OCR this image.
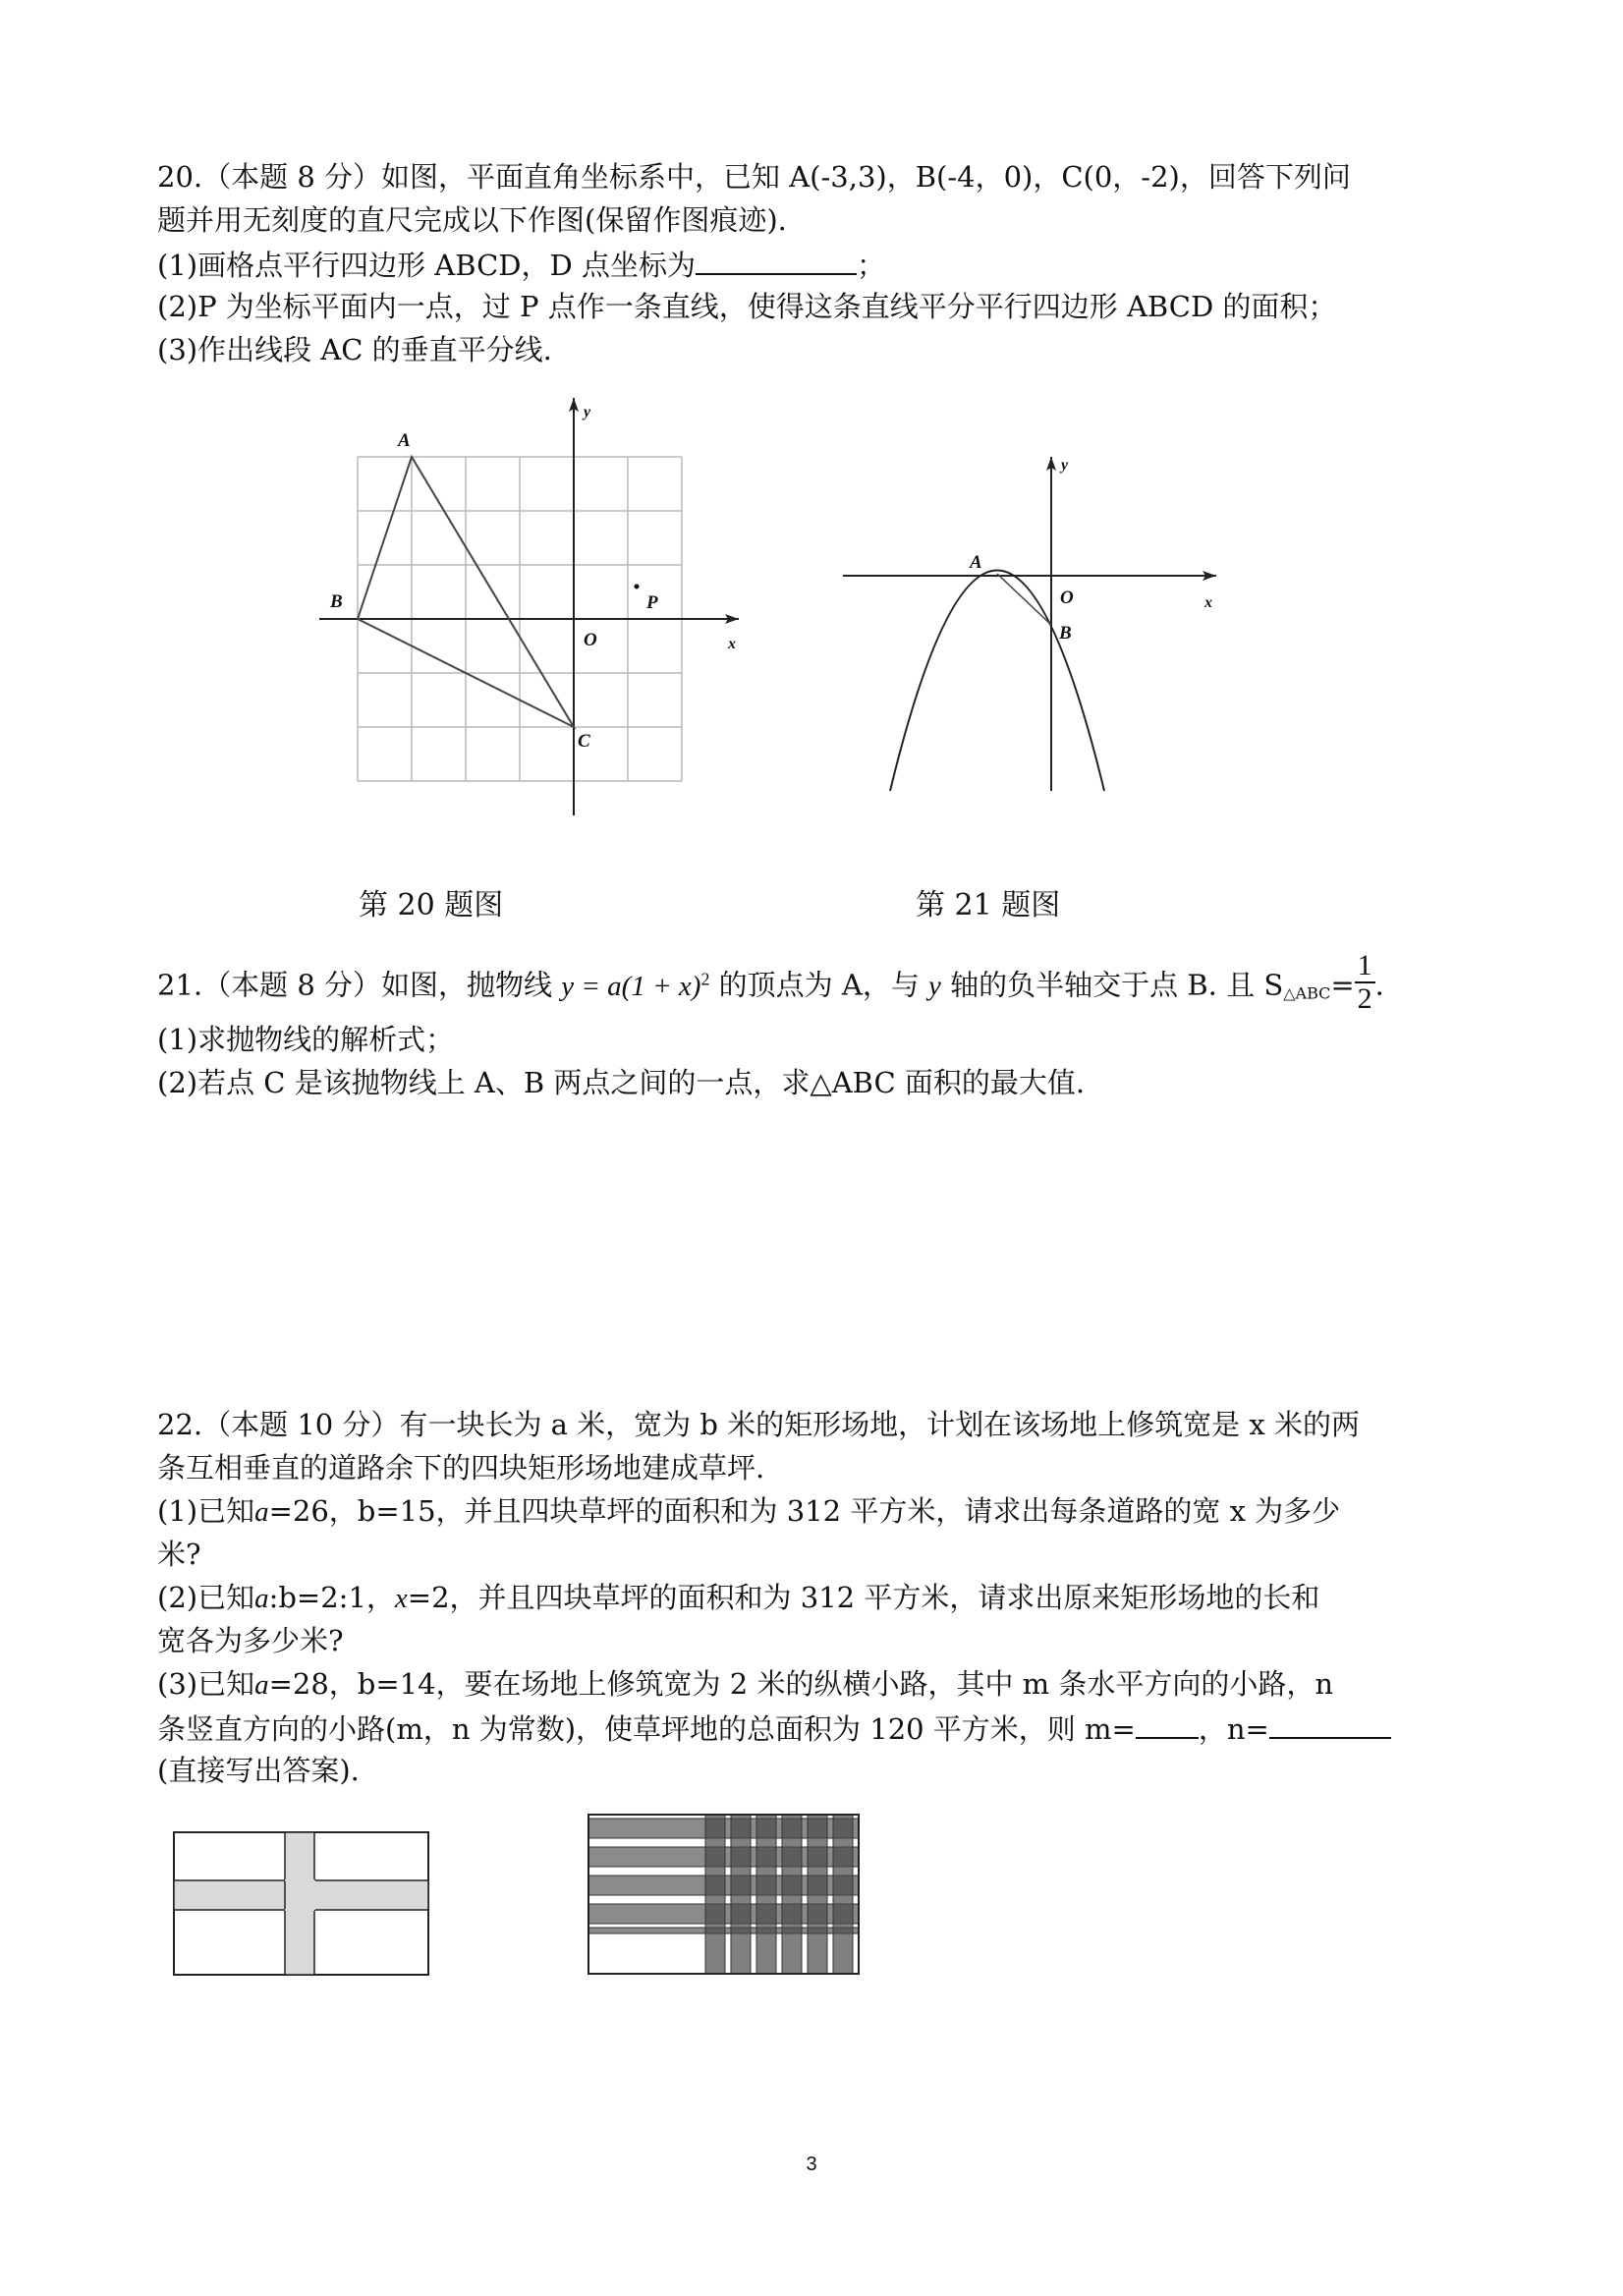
20.（本题 8 分）如图，平面直角坐标系中，已知 A(-3,3)，B(-4，0)，C(0，-2)，回答下列问
题并用无刻度的直尺完成以下作图(保留作图痕迹).
(1)画格点平行四边形 ABCD，D 点坐标为	；
(2)P 为坐标平面内一点，过 P 点作一条直线，使得这条直线平分平行四边形 ABCD 的面积；
(3)作出线段 AC 的垂直平分线.
A
B
C
O
P
x
y
A
O
B
x
y
第 20 题图	第 21 题图
21.（本题 8 分）如图，抛物线 $y = a(1 + x)^2$ 的顶点为 A，与 y 轴的负半轴交于点 B. 且 $S_{\triangle ABC}= \frac{1}{2}$ .
(1)求抛物线的解析式；
(2)若点 C 是该抛物线上 A、B 两点之间的一点，求△ABC 面积的最大值.
22.（本题 10 分）有一块长为 a 米，宽为 b 米的矩形场地，计划在该场地上修筑宽是 x 米的两
条互相垂直的道路余下的四块矩形场地建成草坪.
(1)已知a=26，b=15，并且四块草坪的面积和为 312 平方米，请求出每条道路的宽 x 为多少
米?
(2)已知a:b=2:1，x=2，并且四块草坪的面积和为 312 平方米，请求出原来矩形场地的长和
宽各为多少米?
(3)已知a=28，b=14，要在场地上修筑宽为 2 米的纵横小路，其中 m 条水平方向的小路，n
条竖直方向的小路(m，n 为常数)，使草坪地的总面积为 120 平方米，则 m= ，n=
(直接写出答案).
3
